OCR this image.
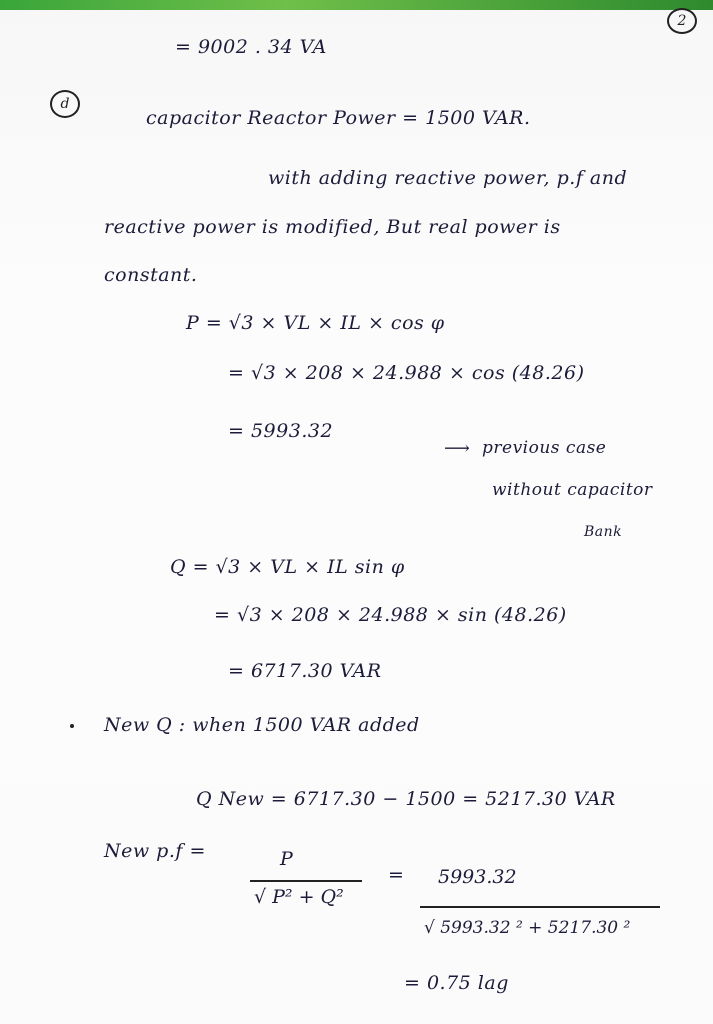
2
= 9002 . 34 VA
d
capacitor Reactor Power = 1500 VAR.
with adding reactive power, p.f and
reactive power is modified, But real power is
constant.
P = √3 × VL × IL × cos φ
= √3 × 208 × 24.988 × cos (48.26)
= 5993.32
⟶ previous case
without capacitor
Bank
Q = √3 × VL × IL sin φ
= √3 × 208 × 24.988 × sin (48.26)
= 6717.30 VAR
New Q : when 1500 VAR added
Q New = 6717.30 − 1500 = 5217.30 VAR
New p.f =	P
√ P² + Q²
= 5993.32
√ 5993.32 ² + 5217.30 ²
= 0.75 lag
